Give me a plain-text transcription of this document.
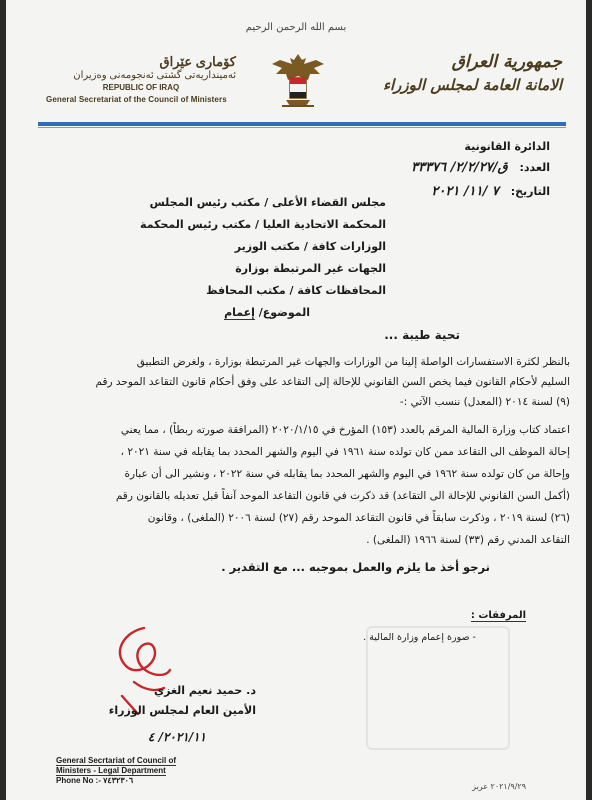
بسم الله الرحمن الرحيم
جمهورية العراق
الامانة العامة لمجلس الوزراء
كۆماری عێراق
ئەمینداریەتی گشتی ئەنجومەنی وەزیران
REPUBLIC OF IRAQ
General Secretariat of the Council of Ministers
الدائرة القانونية
العدد: ق/٢/٢/٢٧/ ٣٣٣٧٦
التاريخ: ٧ /١١/ ٢٠٢١
مجلس القضاء الأعلى / مكتب رئيس المجلس
المحكمة الاتحادية العليا / مكتب رئيس المحكمة
الوزارات كافة / مكتب الوزير
الجهات غير المرتبطة بوزارة
المحافظات كافة / مكتب المحافظ
الموضوع/ إعمام
تحية طيبة ...
بالنظر لكثرة الاستفسارات الواصلة إلينا من الوزارات والجهات غير المرتبطة بوزارة ، ولغرض التطبيق
السليم لأحكام القانون فيما يخص السن القانوني للإحالة إلى التقاعد على وفق أحكام قانون التقاعد الموحد رقم
(٩) لسنة ٢٠١٤ (المعدل) ننسب الآتي :-
اعتماد كتاب وزارة المالية المرقم بالعدد (١٥٣) المؤرخ في ٢٠٢٠/١/١٥ (المرافقة صورته ربطاً) ، مما يعني
إحالة الموظف الى التقاعد ممن كان تولده سنة ١٩٦١ في اليوم والشهر المحدد بما يقابله في سنة ٢٠٢١ ،
وإحالة من كان تولده سنة ١٩٦٢ في اليوم والشهر المحدد بما يقابله في سنة ٢٠٢٢ ، ونشير الى أن عبارة
(أكمل السن القانوني للإحالة الى التقاعد) قد ذكرت في قانون التقاعد الموحد آنفاً قبل تعديله بالقانون رقم
(٢٦) لسنة ٢٠١٩ ، وذكرت سابقاً في قانون التقاعد الموحد رقم (٢٧) لسنة ٢٠٠٦ (الملغى) ، وقانون
التقاعد المدني رقم (٣٣) لسنة ١٩٦٦ (الملغى) .
نرجو أخذ ما يلزم والعمل بموجبه ... مع التقدير .
المرفقات :
- صورة إعمام وزارة المالية .
د. حميد نعيم الغزي
الأمين العام لمجلس الوزراء
٢٠٢١/١١/ ٤
General Secrtariat of Council of
Ministers - Legal Department
Phone No :- ٧٤٣٢٣٠٦
٢٠٢١/٩/٢٩ عربز
